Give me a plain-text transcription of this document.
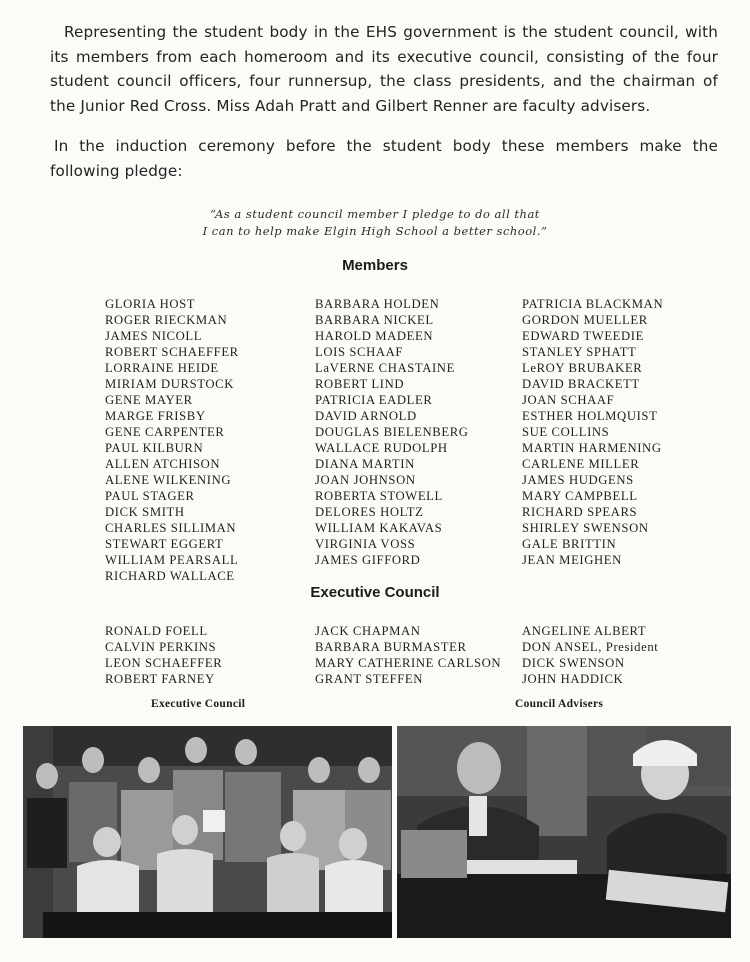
Representing the student body in the EHS government is the student council, with its members from each homeroom and its executive council, consisting of the four student council officers, four runnersup, the class presidents, and the chairman of the Junior Red Cross. Miss Adah Pratt and Gilbert Renner are faculty advisers.

In the induction ceremony before the student body these members make the following pledge:

“As a student council member I pledge to do all that
I can to help make Elgin High School a better school.”
Members
GLORIA HOST
ROGER RIECKMAN
JAMES NICOLL
ROBERT SCHAEFFER
LORRAINE HEIDE
MIRIAM DURSTOCK
GENE MAYER
MARGE FRISBY
GENE CARPENTER
PAUL KILBURN
ALLEN ATCHISON
ALENE WILKENING
PAUL STAGER
DICK SMITH
CHARLES SILLIMAN
STEWART EGGERT
WILLIAM PEARSALL
RICHARD WALLACE
BARBARA HOLDEN
BARBARA NICKEL
HAROLD MADEEN
LOIS SCHAAF
LaVERNE CHASTAINE
ROBERT LIND
PATRICIA EADLER
DAVID ARNOLD
DOUGLAS BIELENBERG
WALLACE RUDOLPH
DIANA MARTIN
JOAN JOHNSON
ROBERTA STOWELL
DELORES HOLTZ
WILLIAM KAKAVAS
VIRGINIA VOSS
JAMES GIFFORD
PATRICIA BLACKMAN
GORDON MUELLER
EDWARD TWEEDIE
STANLEY SPHATT
LeROY BRUBAKER
DAVID BRACKETT
JOAN SCHAAF
ESTHER HOLMQUIST
SUE COLLINS
MARTIN HARMENING
CARLENE MILLER
JAMES HUDGENS
MARY CAMPBELL
RICHARD SPEARS
SHIRLEY SWENSON
GALE BRITTIN
JEAN MEIGHEN
Executive Council
RONALD FOELL
CALVIN PERKINS
LEON SCHAEFFER
ROBERT FARNEY
JACK CHAPMAN
BARBARA BURMASTER
MARY CATHERINE CARLSON
GRANT STEFFEN
ANGELINE ALBERT
DON ANSEL, President
DICK SWENSON
JOHN HADDICK
Executive Council	Council Advisers
